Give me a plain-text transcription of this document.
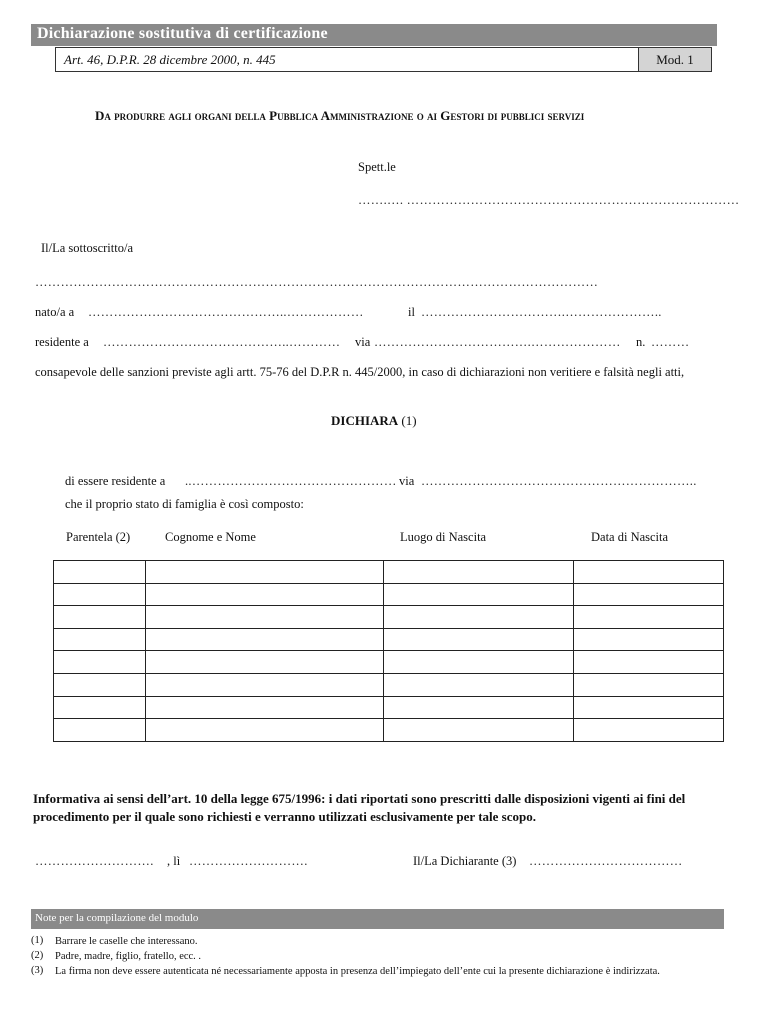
Dichiarazione sostitutiva di certificazione
Art. 46, D.P.R. 28 dicembre 2000, n. 445	Mod. 1
Da produrre agli organi della Pubblica Amministrazione o ai Gestori di pubblici servizi
Spett.le
…….…. ……………………………………………………………………
Il/La sottoscritto/a
……………………………………………………………………………………………………………………
nato/a a ………………………………………..………………	il …………………………….…………………..
residente a ……………………………………..………… via ……………………………….………………… n. ………
consapevole delle sanzioni previste agli artt. 75-76 del D.P.R n. 445/2000, in caso di dichiarazioni non veritiere e falsità negli atti,
DICHIARA (1)
di essere residente a ..………………………………………… via ………………………………………………………..
che il proprio stato di famiglia è così composto:
Parentela (2)	Cognome e Nome	Luogo di Nascita	Data di Nascita

Informativa ai sensi dell’art. 10 della legge 675/1996: i dati riportati sono prescritti dalle disposizioni vigenti ai fini del procedimento per il quale sono richiesti e verranno utilizzati esclusivamente per tale scopo.
………………………. , lì ……………………….	Il/La Dichiarante (3) ………………………………
Note per la compilazione del modulo
(1) Barrare le caselle che interessano.
(2) Padre, madre, figlio, fratello, ecc. .
(3) La firma non deve essere autenticata né necessariamente apposta in presenza dell’impiegato dell’ente cui la presente dichiarazione è indirizzata.
